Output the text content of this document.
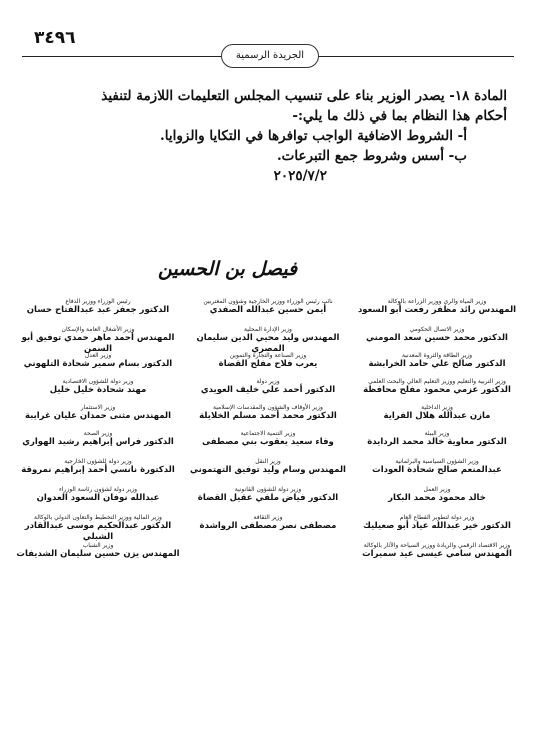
٣٤٩٦
الجريدة الرسمية
المادة ١٨- يصدر الوزير بناء على تنسيب المجلس التعليمات اللازمة لتنفيذ
أحكام هذا النظام بما في ذلك ما يلي:-
أ- الشروط الاضافية الواجب توافرها في التكايا والزوايا.
ب- أسس وشروط جمع التبرعات.
٢٠٢٥/٧/٢
فيصل بن الحسين
رئيس الوزراء ووزير الدفاع
الدكتور جعفر عبد عبدالفتاح حسان
نائب رئيس الوزراء ووزير الخارجية وشؤون المغتربين
أيمن حسين عبدالله الصفدي
وزير المياه والري ووزير الزراعة بالوكالة
المهندس رائد مظفر رفعت أبو السعود
وزير الأشغال العامة والإسكان
المهندس أحمد ماهر حمدي توفيق أبو السمن
وزير الإدارة المحلية
المهندس وليد محيي الدين سليمان المصري
وزير الاتصال الحكومي
الدكتور محمد حسين سعد المومني
وزير العدل
الدكتور بسام سمير شحادة التلهوني
وزير الصناعة والتجارة والتموين
يعرب فلاح مفلح القضاة
وزير الطاقة والثروة المعدنية
الدكتور صالح علي حامد الخرابشة
وزير دولة للشؤون الاقتصادية
مهند شحادة خليل خليل
وزير دولة
الدكتور أحمد علي خليف العويدي
وزير التربية والتعليم ووزير التعليم العالي والبحث العلمي
الدكتور عزمي محمود مفلح محافظة
وزير الاستثمار
المهندس مثنى حمدان عليان غرايبة
وزير الأوقاف والشؤون والمقدسات الإسلامية
الدكتور محمد أحمد مسلم الخلايلة
وزير الداخلية
مازن عبدالله هلال الفراية
وزير الصحة
الدكتور فراس إبراهيم رشيد الهواري
وزير التنمية الاجتماعية
وفاء سعيد يعقوب بني مصطفى
وزير البيئة
الدكتور معاوية خالد محمد الردايدة
وزير دولة للشؤون الخارجية
الدكتورة نانسي أحمد إبراهيم نمروقة
وزير النقل
المهندس وسام وليد توفيق التهتموني
وزير الشؤون السياسية والبرلمانية
عبدالمنعم صالح شحادة العودات
وزير دولة لشؤون رئاسة الوزراء
عبدالله نوفان السعود العدوان
وزير دولة للشؤون القانونية
الدكتور فياض ملفي عقيل القضاة
وزير العمل
خالد محمود محمد البكار
وزير المالية ووزير التخطيط والتعاون الدولي بالوكالة
الدكتور عبدالحكيم موسى عبدالقادر الشبلي
وزير الثقافة
مصطفى نصر مصطفى الرواشدة
وزير دولة لتطوير القطاع العام
الدكتور خير عبدالله عياد أبو صعيليك
وزير الشباب
المهندس يزن حسين سليمان الشديفات
وزير الاقتصاد الرقمي والريادة ووزير السياحة والآثار بالوكالة
المهندس سامي عيسى عيد سميرات
